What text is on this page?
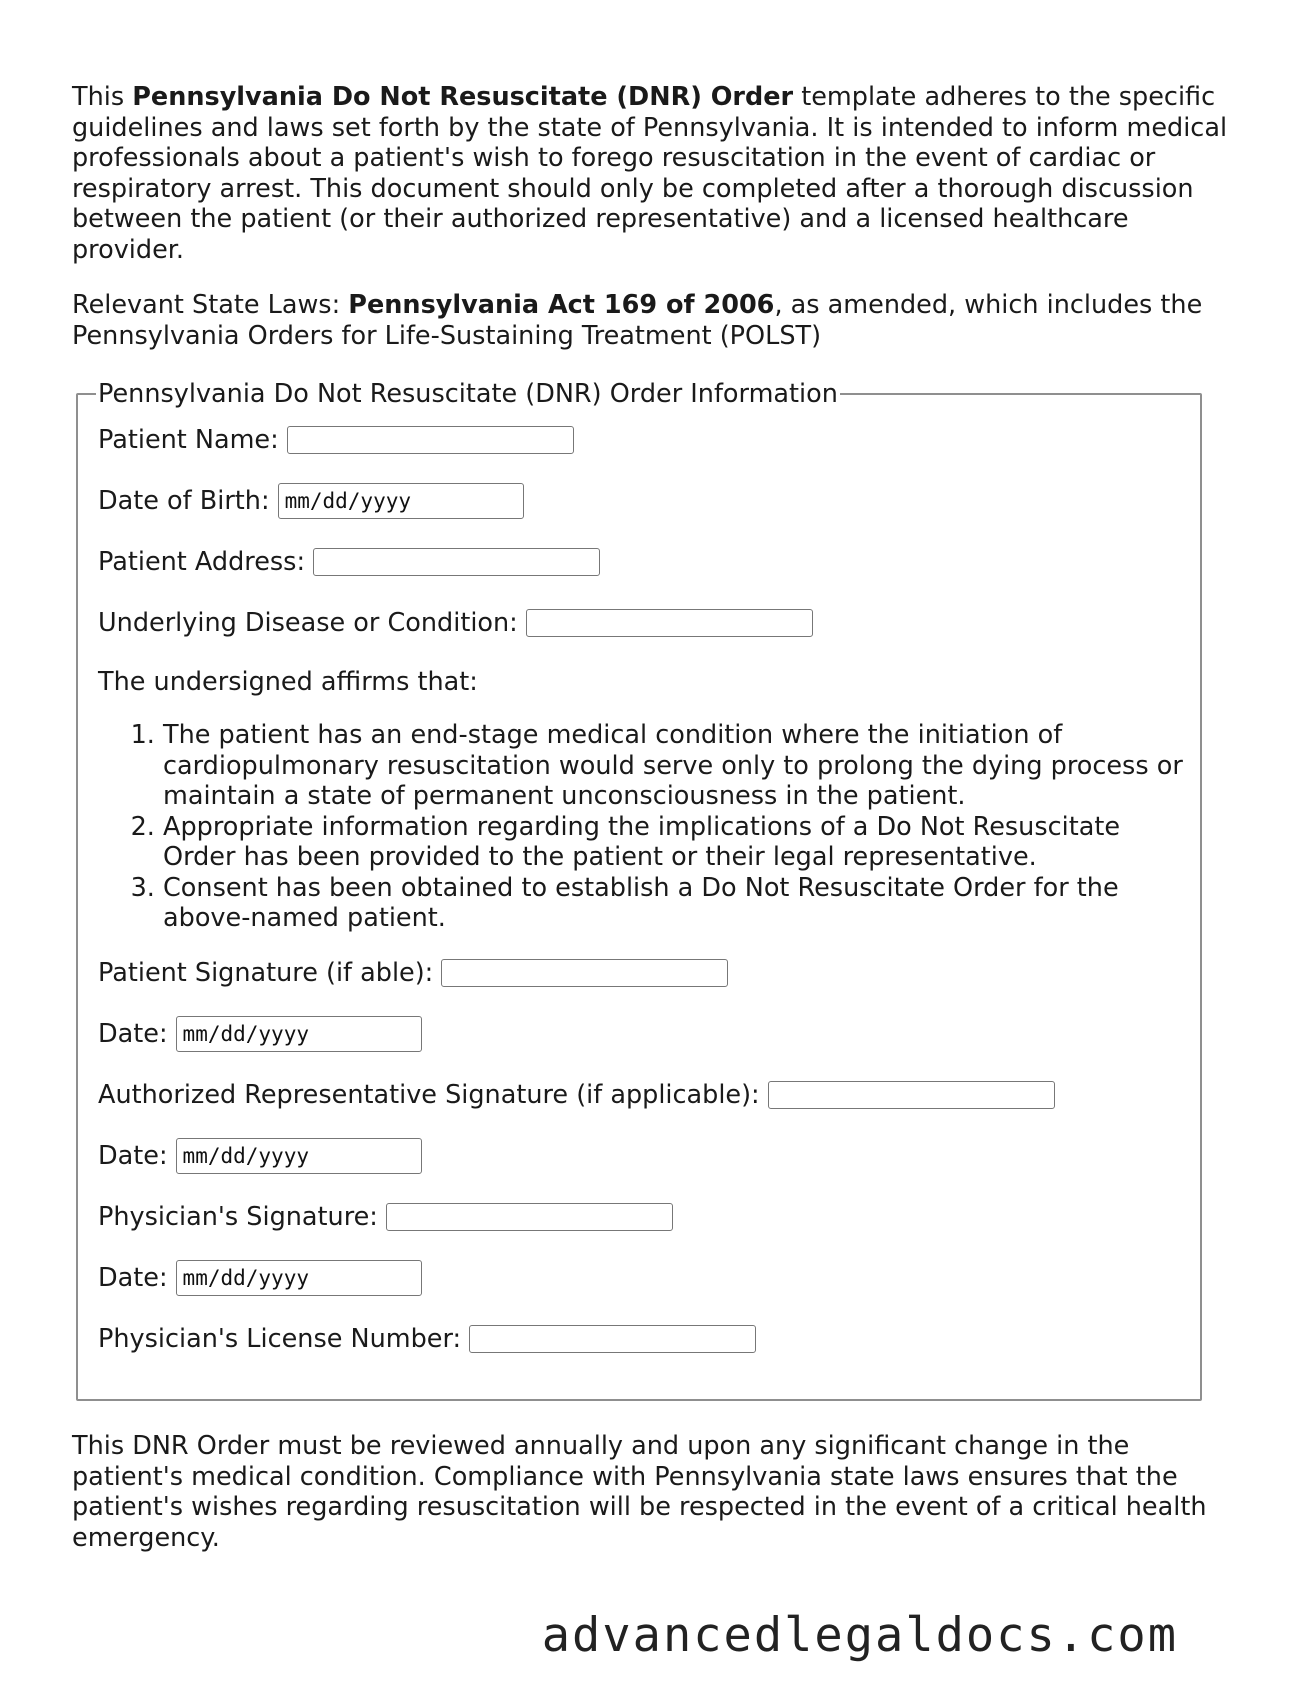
This Pennsylvania Do Not Resuscitate (DNR) Order template adheres to the specific guidelines and laws set forth by the state of Pennsylvania. It is intended to inform medical professionals about a patient's wish to forego resuscitation in the event of cardiac or respiratory arrest. This document should only be completed after a thorough discussion between the patient (or their authorized representative) and a licensed healthcare provider.

Relevant State Laws: Pennsylvania Act 169 of 2006, as amended, which includes the Pennsylvania Orders for Life-Sustaining Treatment (POLST)

Pennsylvania Do Not Resuscitate (DNR) Order Information
Patient Name:
Date of Birth:
mm/dd/yyyy
Patient Address:
Underlying Disease or Condition:

The undersigned affirms that:

1. The patient has an end-stage medical condition where the initiation of cardiopulmonary resuscitation would serve only to prolong the dying process or maintain a state of permanent unconsciousness in the patient.
2. Appropriate information regarding the implications of a Do Not Resuscitate Order has been provided to the patient or their legal representative.
3. Consent has been obtained to establish a Do Not Resuscitate Order for the above-named patient.
Patient Signature (if able):
Date:
mm/dd/yyyy
Authorized Representative Signature (if applicable):
Date:
mm/dd/yyyy
Physician's Signature:
Date:
mm/dd/yyyy
Physician's License Number:

This DNR Order must be reviewed annually and upon any significant change in the patient's medical condition. Compliance with Pennsylvania state laws ensures that the patient's wishes regarding resuscitation will be respected in the event of a critical health emergency.

advancedlegaldocs.com
